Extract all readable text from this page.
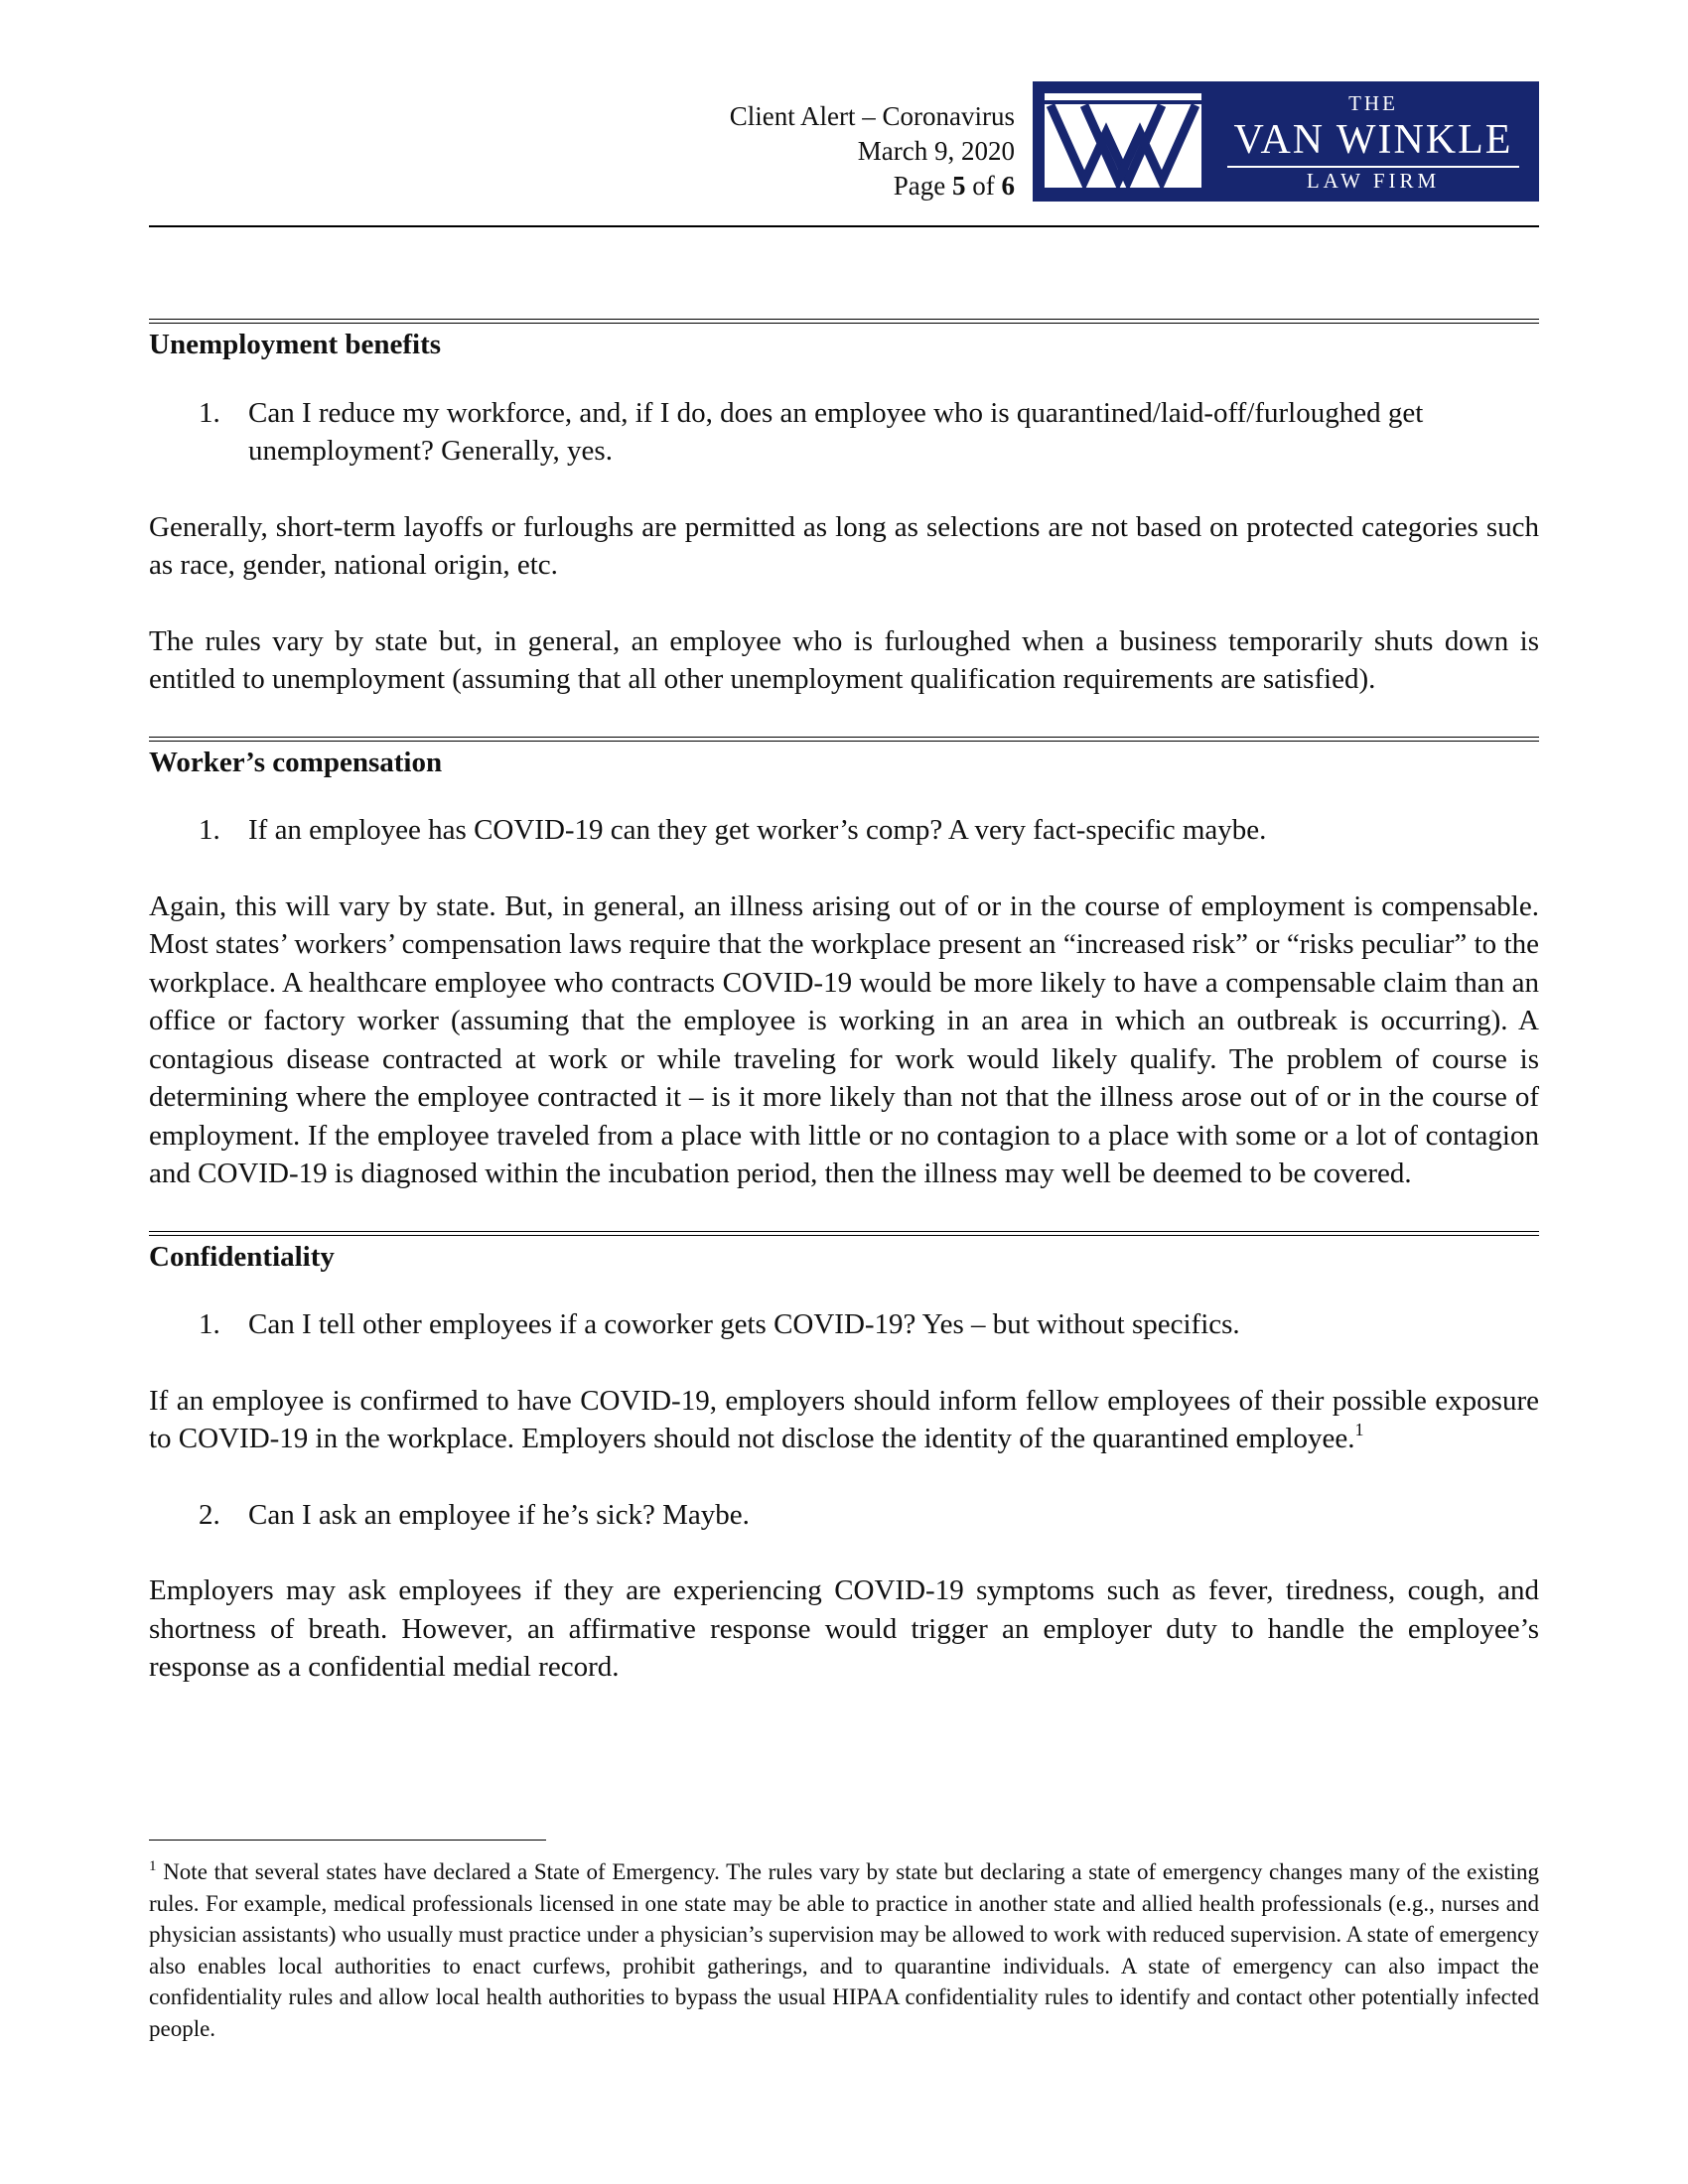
Client Alert – Coronavirus
March 9, 2020
Page 5 of 6
THE
VAN WINKLE
LAW FIRM
Unemployment benefits
1. Can I reduce my workforce, and, if I do, does an employee who is quarantined/laid-off/furloughed get unemployment? Generally, yes.

Generally, short-term layoffs or furloughs are permitted as long as selections are not based on protected categories such as race, gender, national origin, etc.

The rules vary by state but, in general, an employee who is furloughed when a business temporarily shuts down is entitled to unemployment (assuming that all other unemployment qualification requirements are satisfied).

Worker’s compensation
1. If an employee has COVID-19 can they get worker’s comp? A very fact-specific maybe.

Again, this will vary by state. But, in general, an illness arising out of or in the course of employment is compensable. Most states’ workers’ compensation laws require that the workplace present an “increased risk” or “risks peculiar” to the workplace. A healthcare employee who contracts COVID-19 would be more likely to have a compensable claim than an office or factory worker (assuming that the employee is working in an area in which an outbreak is occurring). A contagious disease contracted at work or while traveling for work would likely qualify. The problem of course is determining where the employee contracted it – is it more likely than not that the illness arose out of or in the course of employment. If the employee traveled from a place with little or no contagion to a place with some or a lot of contagion and COVID-19 is diagnosed within the incubation period, then the illness may well be deemed to be covered.

Confidentiality
1. Can I tell other employees if a coworker gets COVID-19? Yes – but without specifics.

If an employee is confirmed to have COVID-19, employers should inform fellow employees of their possible exposure to COVID-19 in the workplace. Employers should not disclose the identity of the quarantined employee.$^1$

2. Can I ask an employee if he’s sick? Maybe.

Employers may ask employees if they are experiencing COVID-19 symptoms such as fever, tiredness, cough, and shortness of breath. However, an affirmative response would trigger an employer duty to handle the employee’s response as a confidential medial record.

$^1$ Note that several states have declared a State of Emergency. The rules vary by state but declaring a state of emergency changes many of the existing rules. For example, medical professionals licensed in one state may be able to practice in another state and allied health professionals (e.g., nurses and physician assistants) who usually must practice under a physician’s supervision may be allowed to work with reduced supervision. A state of emergency also enables local authorities to enact curfews, prohibit gatherings, and to quarantine individuals. A state of emergency can also impact the confidentiality rules and allow local health authorities to bypass the usual HIPAA confidentiality rules to identify and contact other potentially infected people.
